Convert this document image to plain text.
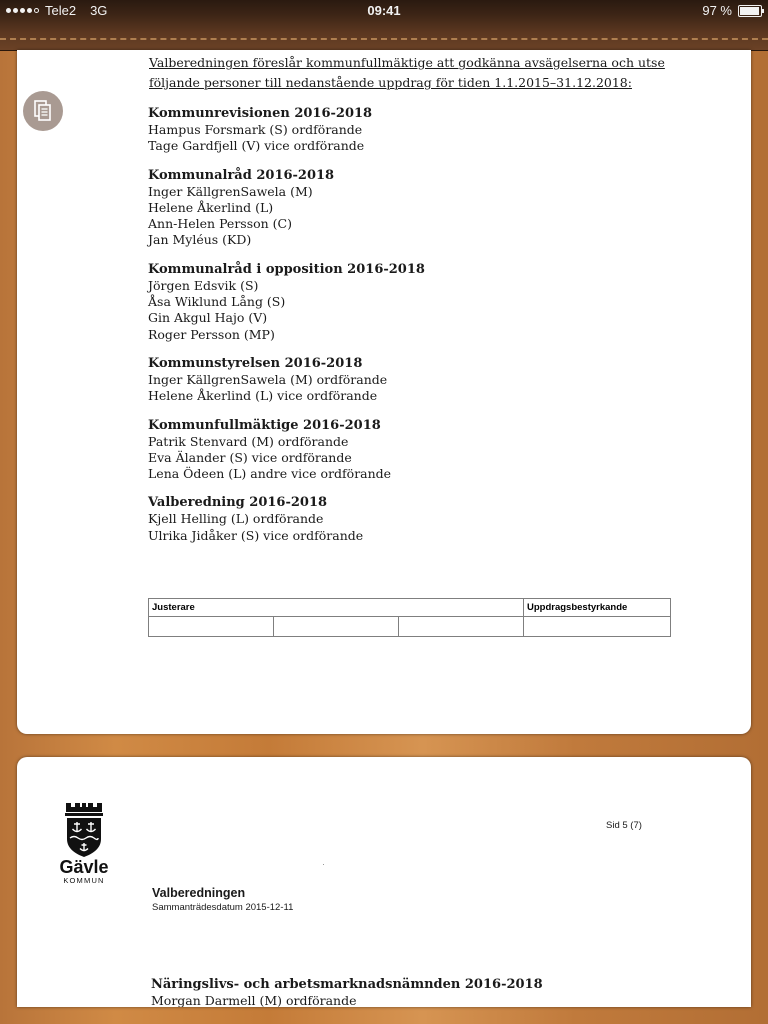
Tele2 3G	09:41	97 %
Valberedningen föreslår kommunfullmäktige att godkänna avsägelserna och utse
följande personer till nedanstående uppdrag för tiden 1.1.2015–31.12.2018:
Kommunrevisionen 2016-2018
Hampus Forsmark (S) ordförande
Tage Gardfjell (V) vice ordförande
Kommunalråd 2016-2018
Inger KällgrenSawela (M)
Helene Åkerlind (L)
Ann-Helen Persson (C)
Jan Myléus (KD)
Kommunalråd i opposition 2016-2018
Jörgen Edsvik (S)
Åsa Wiklund Lång (S)
Gin Akgul Hajo (V)
Roger Persson (MP)
Kommunstyrelsen 2016-2018
Inger KällgrenSawela (M) ordförande
Helene Åkerlind (L) vice ordförande
Kommunfullmäktige 2016-2018
Patrik Stenvard (M) ordförande
Eva Älander (S) vice ordförande
Lena Ödeen (L) andre vice ordförande
Valberedning 2016-2018
Kjell Helling (L) ordförande
Ulrika Jidåker (S) vice ordförande
Justerare			Uppdragsbestyrkande

Gävle
KOMMUN
Sid 5 (7)
Valberedningen
Sammanträdesdatum 2015-12-11
Näringslivs- och arbetsmarknadsnämnden 2016-2018
Morgan Darmell (M) ordförande
